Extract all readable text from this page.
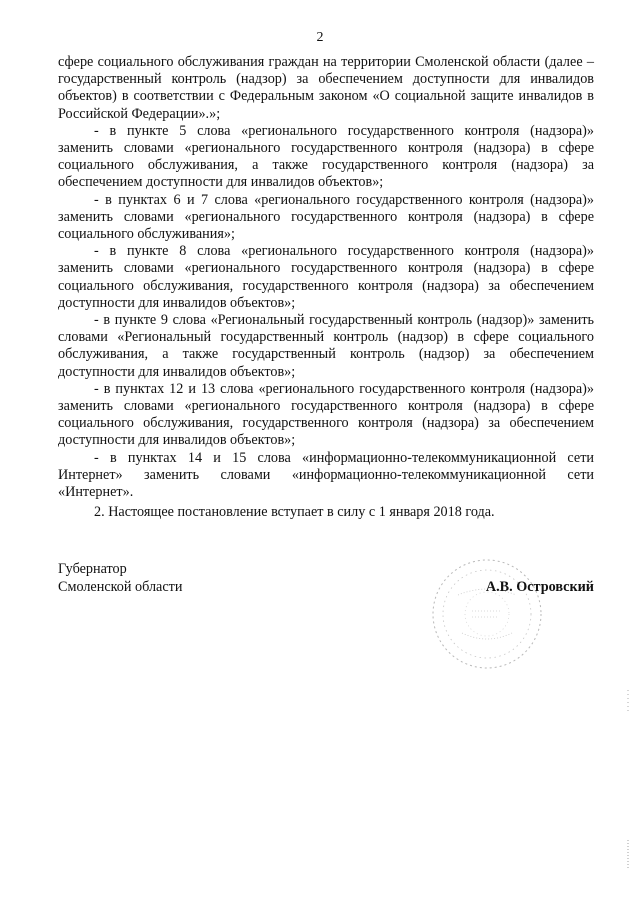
2

сфере социального обслуживания граждан на территории Смоленской области (далее – государственный контроль (надзор) за обеспечением доступности для инвалидов объектов) в соответствии с Федеральным законом «О социальной защите инвалидов в Российской Федерации».»;

- в пункте 5 слова «регионального государственного контроля (надзора)» заменить словами «регионального государственного контроля (надзора) в сфере социального обслуживания, а также государственного контроля (надзора) за обеспечением доступности для инвалидов объектов»;

- в пунктах 6 и 7 слова «регионального государственного контроля (надзора)» заменить словами «регионального государственного контроля (надзора) в сфере социального обслуживания»;

- в пункте 8 слова «регионального государственного контроля (надзора)» заменить словами «регионального государственного контроля (надзора) в сфере социального обслуживания, государственного контроля (надзора) за обеспечением доступности для инвалидов объектов»;

- в пункте 9 слова «Региональный государственный контроль (надзор)» заменить словами «Региональный государственный контроль (надзор) в сфере социального обслуживания, а также государственный контроль (надзор) за обеспечением доступности для инвалидов объектов»;

- в пунктах 12 и 13 слова «регионального государственного контроля (надзора)» заменить словами «регионального государственного контроля (надзора) в сфере социального обслуживания, государственного контроля (надзора) за обеспечением доступности для инвалидов объектов»;

- в пунктах 14 и 15 слова «информационно-телекоммуникационной сети Интернет» заменить словами «информационно-телекоммуникационной сети «Интернет».

2. Настоящее постановление вступает в силу с 1 января 2018 года.

Губернатор
Смоленской области	А.В. Островский
